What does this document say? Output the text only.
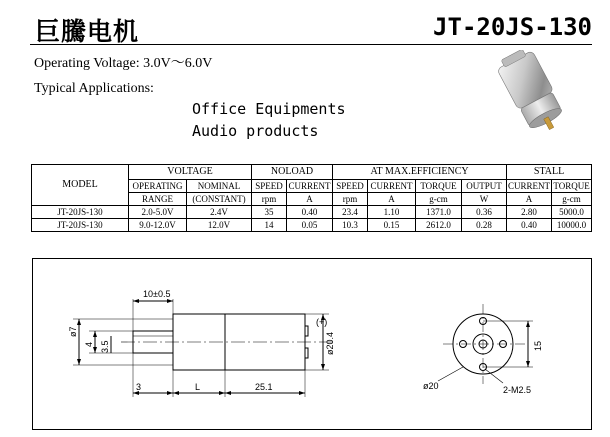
巨騰电机	JT-20JS-130
Operating Voltage: 3.0V～6.0V
Typical Applications:
Office Equipments
Audio products
MODEL	VOLTAGE		NOLOAD		AT MAX.EFFICIENCY				STALL	
	OPERATING	NOMINAL	SPEED	CURRENT	SPEED	CURRENT	TORQUE	OUTPUT	CURRENT	TORQUE
	RANGE	(CONSTANT)	rpm	A	rpm	A	g-cm	W	A	g-cm
JT-20JS-130	2.0-5.0V	2.4V	35	0.40	23.4	1.10	1371.0	0.36	2.80	5000.0
JT-20JS-130	9.0-12.0V	12.0V	14	0.05	10.3	0.15	2612.0	0.28	0.40	10000.0
10±0.5
ø7
4 3.5
(+)
ø20.4
3	L	25.1
15
ø20	2-M2.5
